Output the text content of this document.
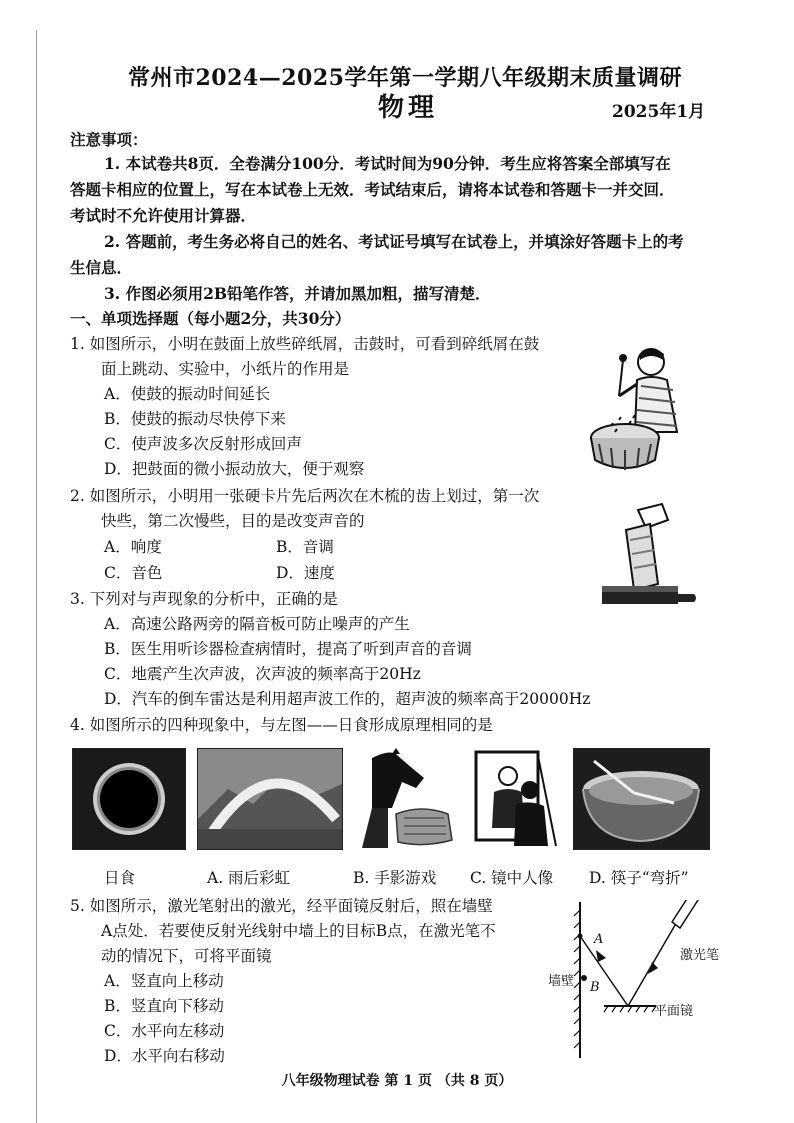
常州市2024—2025学年第一学期八年级期末质量调研
物理	2025年1月
注意事项：
1. 本试卷共8页．全卷满分100分．考试时间为90分钟．考生应将答案全部填写在
答题卡相应的位置上，写在本试卷上无效．考试结束后，请将本试卷和答题卡一并交回．
考试时不允许使用计算器．
2. 答题前，考生务必将自己的姓名、考试证号填写在试卷上，并填涂好答题卡上的考
生信息．
3. 作图必须用2B铅笔作答，并请加黑加粗，描写清楚．
一、单项选择题（每小题2分，共30分）
1. 如图所示，小明在鼓面上放些碎纸屑，击鼓时，可看到碎纸屑在鼓
面上跳动、实验中，小纸片的作用是
A．使鼓的振动时间延长
B．使鼓的振动尽快停下来
C．使声波多次反射形成回声
D．把鼓面的微小振动放大，便于观察
2. 如图所示，小明用一张硬卡片先后两次在木梳的齿上划过，第一次
快些，第二次慢些，目的是改变声音的
A．响度	B．音调
C．音色	D．速度
3. 下列对与声现象的分析中，正确的是
A．高速公路两旁的隔音板可防止噪声的产生
B．医生用听诊器检查病情时，提高了听到声音的音调
C．地震产生次声波，次声波的频率高于20Hz
D．汽车的倒车雷达是利用超声波工作的，超声波的频率高于20000Hz
4. 如图所示的四种现象中，与左图——日食形成原理相同的是
日食	A. 雨后彩虹	B. 手影游戏 C. 镜中人像 D. 筷子“弯折”
5. 如图所示，激光笔射出的激光，经平面镜反射后，照在墙壁
A点处．若要使反射光线射中墙上的目标B点，在激光笔不
动的情况下，可将平面镜
A．竖直向上移动
B．竖直向下移动
C．水平向左移动
D．水平向右移动
A
B
墙壁
激光笔
平面镜
八年级物理试卷 第 1 页 （共 8 页）
